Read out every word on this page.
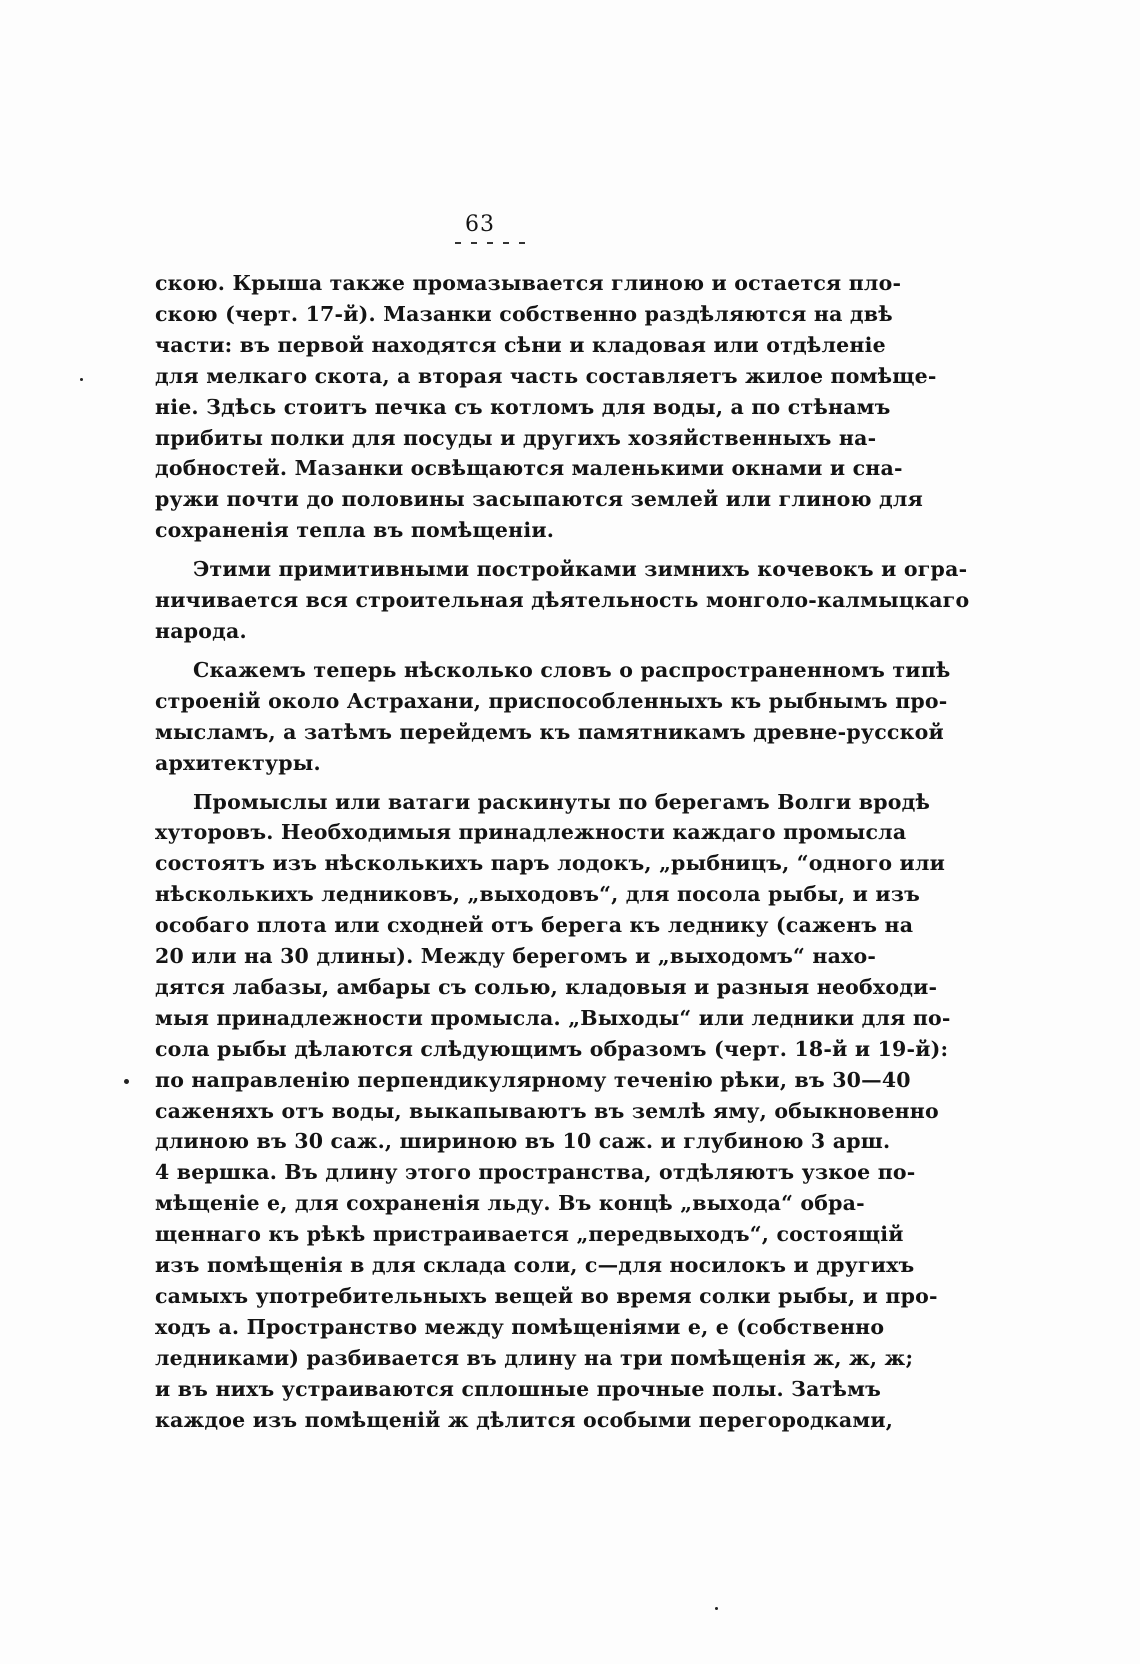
63
скою. Крыша также промазывается глиною и остается пло-
скою (черт. 17-й). Мазанки собственно раздѣляются на двѣ
части: въ первой находятся сѣни и кладовая или отдѣленіе
для мелкаго скота, а вторая часть составляетъ жилое помѣще-
ніе. Здѣсь стоитъ печка съ котломъ для воды, а по стѣнамъ
прибиты полки для посуды и другихъ хозяйственныхъ на-
добностей. Мазанки освѣщаются маленькими окнами и сна-
ружи почти до половины засыпаются землей или глиною для
сохраненія тепла въ помѣщеніи.
Этими примитивными постройками зимнихъ кочевокъ и огра-
ничивается вся строительная дѣятельность монголо-калмыцкаго
народа.
Скажемъ теперь нѣсколько словъ о распространенномъ типѣ
строеній около Астрахани, приспособленныхъ къ рыбнымъ про-
мысламъ, а затѣмъ перейдемъ къ памятникамъ древне-русской
архитектуры.
Промыслы или ватаги раскинуты по берегамъ Волги вродѣ
хуторовъ. Необходимыя принадлежности каждаго промысла
состоятъ изъ нѣсколькихъ паръ лодокъ, „рыбницъ, “одного или
нѣсколькихъ ледниковъ, „выходовъ“, для посола рыбы, и изъ
особаго плота или сходней отъ берега къ леднику (саженъ на
20 или на 30 длины). Между берегомъ и „выходомъ“ нахо-
дятся лабазы, амбары съ солью, кладовыя и разныя необходи-
мыя принадлежности промысла. „Выходы“ или ледники для по-
сола рыбы дѣлаются слѣдующимъ образомъ (черт. 18-й и 19-й):
по направленію перпендикулярному теченію рѣки, въ 30—40
саженяхъ отъ воды, выкапываютъ въ землѣ яму, обыкновенно
длиною въ 30 саж., шириною въ 10 саж. и глубиною 3 арш.
4 вершка. Въ длину этого пространства, отдѣляютъ узкое по-
мѣщеніе е, для сохраненія льду. Въ концѣ „выхода“ обра-
щеннаго къ рѣкѣ пристраивается „передвыходъ“, состоящій
изъ помѣщенія в для склада соли, с—для носилокъ и другихъ
самыхъ употребительныхъ вещей во время солки рыбы, и про-
ходъ а. Пространство между помѣщеніями е, е (собственно
ледниками) разбивается въ длину на три помѣщенія ж, ж, ж;
и въ нихъ устраиваются сплошные прочные полы. Затѣмъ
каждое изъ помѣщеній ж дѣлится особыми перегородками,
